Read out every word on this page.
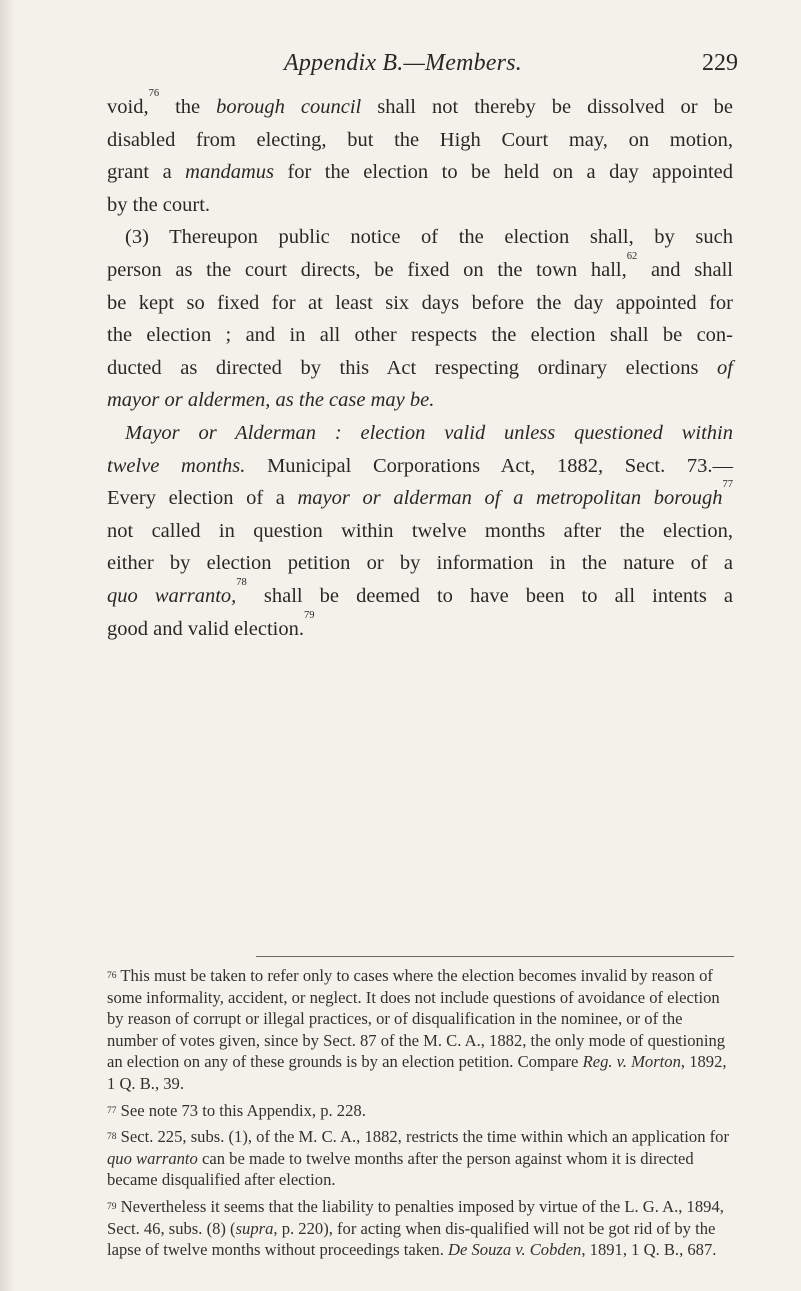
Appendix B.—Members.	229
void,$^{76}$ the borough council shall not thereby be dissolved or be
disabled from electing, but the High Court may, on motion,
grant a mandamus for the election to be held on a day appointed
by the court.
(3) Thereupon public notice of the election shall, by such
person as the court directs, be fixed on the town hall,$^{62}$ and shall
be kept so fixed for at least six days before the day appointed for
the election ; and in all other respects the election shall be con-
ducted as directed by this Act respecting ordinary elections of
mayor or aldermen, as the case may be.
Mayor or Alderman : election valid unless questioned within
twelve months. Municipal Corporations Act, 1882, Sect. 73.—
Every election of a mayor or alderman of a metropolitan borough$^{77}$
not called in question within twelve months after the election,
either by election petition or by information in the nature of a
quo warranto,$^{78}$ shall be deemed to have been to all intents a
good and valid election.$^{79}$
$^{76}$ This must be taken to refer only to cases where the election becomes invalid by reason of some informality, accident, or neglect. It does not include questions of avoidance of election by reason of corrupt or illegal practices, or of disqualification in the nominee, or of the number of votes given, since by Sect. 87 of the M. C. A., 1882, the only mode of questioning an election on any of these grounds is by an election petition. Compare Reg. v. Morton, 1892, 1 Q. B., 39.
$^{77}$ See note 73 to this Appendix, p. 228.
$^{78}$ Sect. 225, subs. (1), of the M. C. A., 1882, restricts the time within which an application for quo warranto can be made to twelve months after the person against whom it is directed became disqualified after election.
$^{79}$ Nevertheless it seems that the liability to penalties imposed by virtue of the L. G. A., 1894, Sect. 46, subs. (8) (supra, p. 220), for acting when dis-qualified will not be got rid of by the lapse of twelve months without proceedings taken. De Souza v. Cobden, 1891, 1 Q. B., 687.
